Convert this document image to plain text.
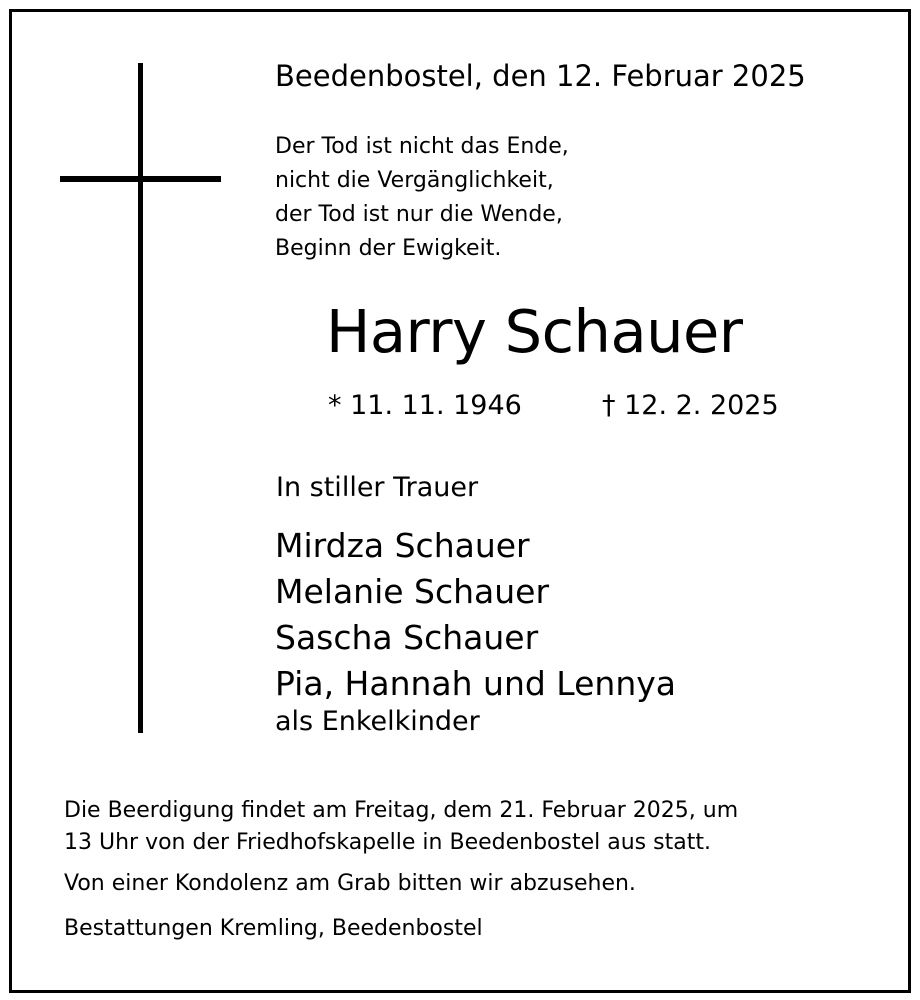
Beedenbostel, den 12. Februar 2025
Der Tod ist nicht das Ende,
nicht die Vergänglichkeit,
der Tod ist nur die Wende,
Beginn der Ewigkeit.
Harry Schauer
* 11. 11. 1946	† 12. 2. 2025
In stiller Trauer
Mirdza Schauer
Melanie Schauer
Sascha Schauer
Pia, Hannah und Lennya
als Enkelkinder
Die Beerdigung findet am Freitag, dem 21. Februar 2025, um
13 Uhr von der Friedhofskapelle in Beedenbostel aus statt.
Von einer Kondolenz am Grab bitten wir abzusehen.
Bestattungen Kremling, Beedenbostel
